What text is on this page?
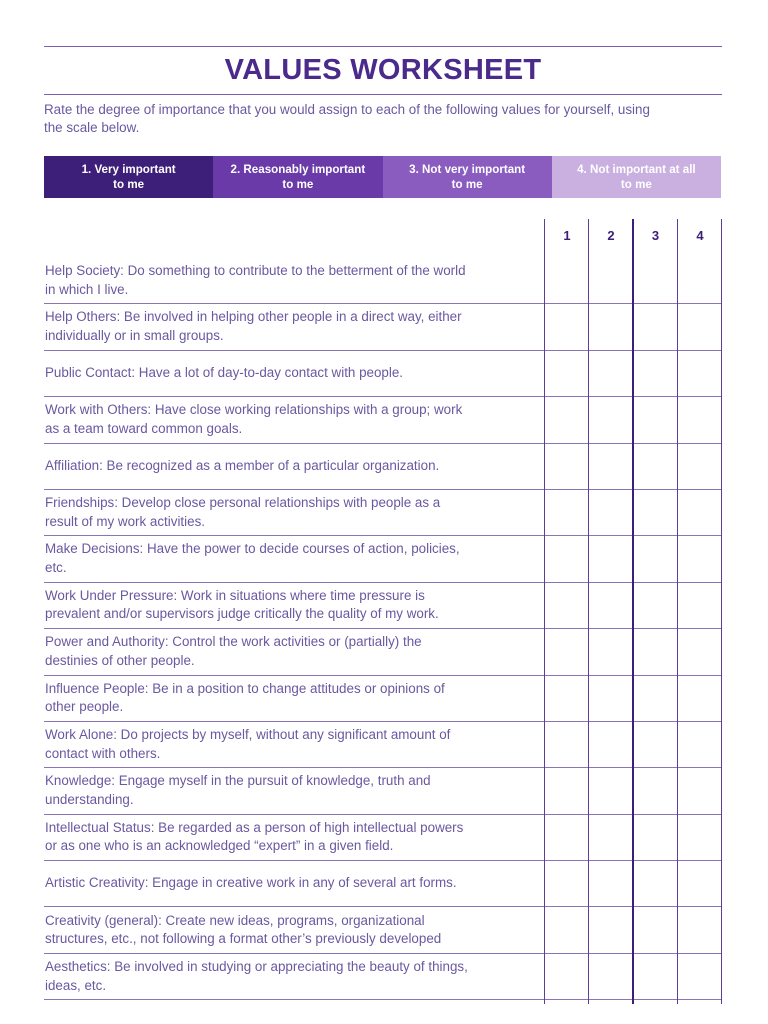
VALUES WORKSHEET
Rate the degree of importance that you would assign to each of the following values for yourself, using
the scale below.
1. Very important
to me
2. Reasonably important
to me
3. Not very important
to me
4. Not important at all
to me
1	2	3	4
Help Society: Do something to contribute to the betterment of the world
in which I live.
Help Others: Be involved in helping other people in a direct way, either
individually or in small groups.
Public Contact: Have a lot of day-to-day contact with people.
Work with Others: Have close working relationships with a group; work
as a team toward common goals.
Affiliation: Be recognized as a member of a particular organization.
Friendships: Develop close personal relationships with people as a
result of my work activities.
Make Decisions: Have the power to decide courses of action, policies,
etc.
Work Under Pressure: Work in situations where time pressure is
prevalent and/or supervisors judge critically the quality of my work.
Power and Authority: Control the work activities or (partially) the
destinies of other people.
Influence People: Be in a position to change attitudes or opinions of
other people.
Work Alone: Do projects by myself, without any significant amount of
contact with others.
Knowledge: Engage myself in the pursuit of knowledge, truth and
understanding.
Intellectual Status: Be regarded as a person of high intellectual powers
or as one who is an acknowledged “expert” in a given field.
Artistic Creativity: Engage in creative work in any of several art forms.
Creativity (general): Create new ideas, programs, organizational
structures, etc., not following a format other’s previously developed
Aesthetics: Be involved in studying or appreciating the beauty of things,
ideas, etc.
